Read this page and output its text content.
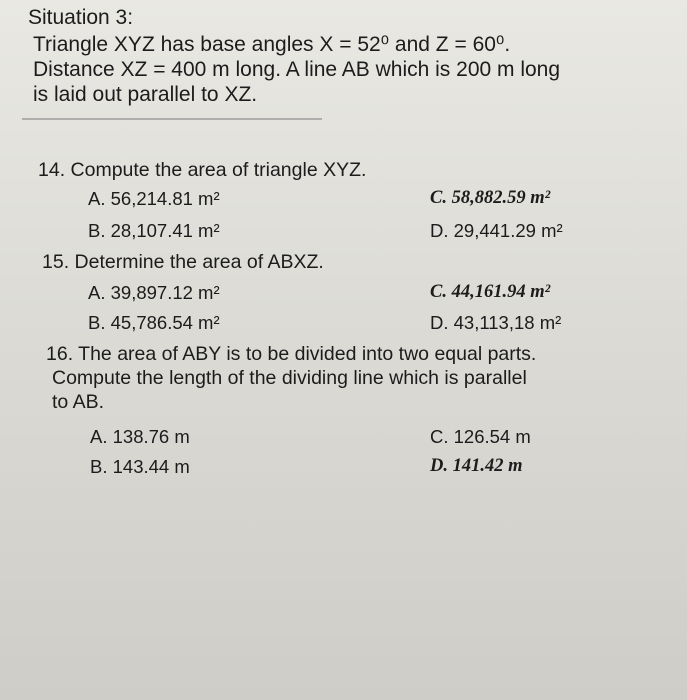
Situation 3:
Triangle XYZ has base angles X = 52⁰ and Z = 60⁰.
Distance XZ = 400 m long. A line AB which is 200 m long
is laid out parallel to XZ.
14. Compute the area of triangle XYZ.
A. 56,214.81 m²	C. 58,882.59 m²
B. 28,107.41 m²	D. 29,441.29 m²
15. Determine the area of ABXZ.
A. 39,897.12 m²	C. 44,161.94 m²
B. 45,786.54 m²	D. 43,113,18 m²
16. The area of ABY is to be divided into two equal parts.
Compute the length of the dividing line which is parallel
to AB.
A. 138.76 m	C. 126.54 m
B. 143.44 m	D. 141.42 m
